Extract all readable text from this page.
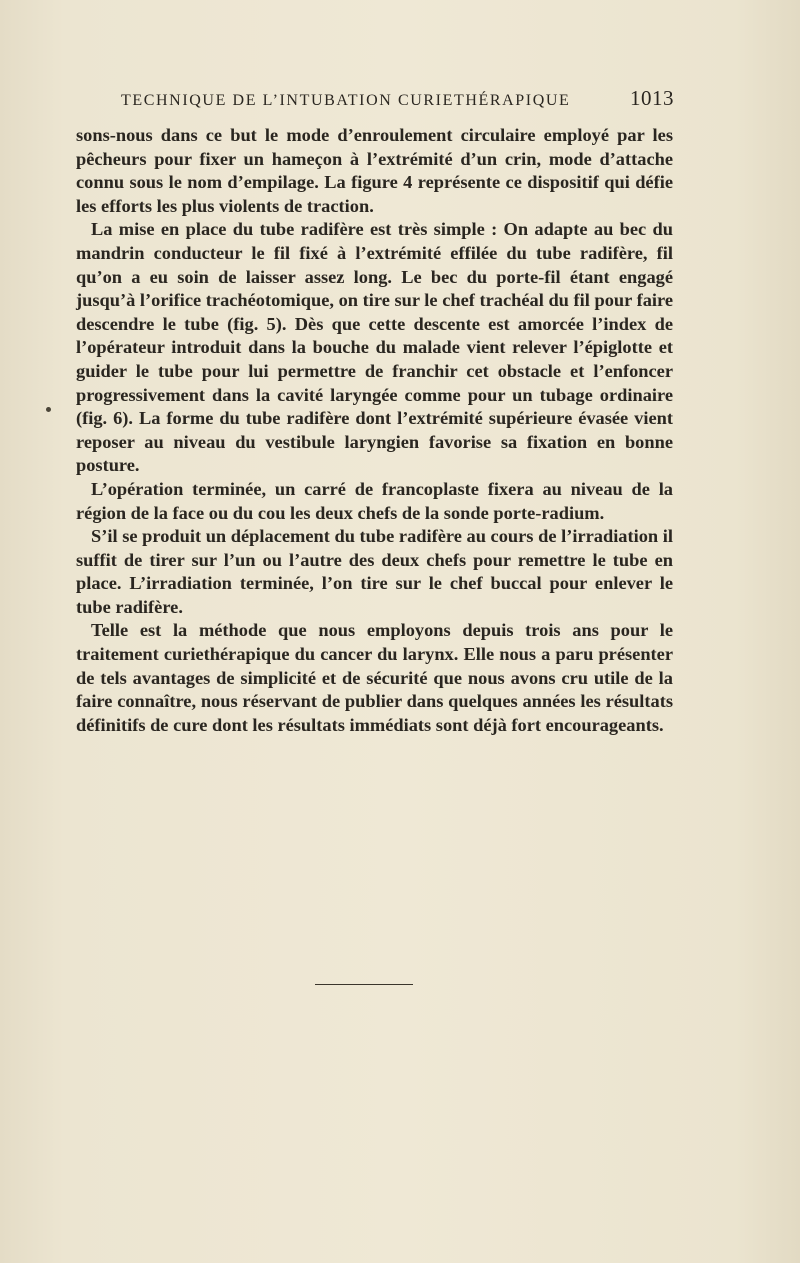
TECHNIQUE DE L’INTUBATION CURIETHÉRAPIQUE	1013

sons-nous dans ce but le mode d’enroulement circulaire employé par les pêcheurs pour fixer un hameçon à l’extrémité d’un crin, mode d’attache connu sous le nom d’empilage. La figure 4 représente ce dispositif qui défie les efforts les plus violents de traction.

La mise en place du tube radifère est très simple : On adapte au bec du mandrin conducteur le fil fixé à l’extrémité effilée du tube radifère, fil qu’on a eu soin de laisser assez long. Le bec du porte-fil étant engagé jusqu’à l’orifice trachéotomique, on tire sur le chef trachéal du fil pour faire descendre le tube (fig. 5). Dès que cette descente est amorcée l’index de l’opérateur introduit dans la bouche du malade vient relever l’épiglotte et guider le tube pour lui permettre de franchir cet obstacle et l’enfoncer progressivement dans la cavité laryngée comme pour un tubage ordinaire (fig. 6). La forme du tube radifère dont l’extrémité supérieure évasée vient reposer au niveau du vestibule laryngien favorise sa fixation en bonne posture.

L’opération terminée, un carré de francoplaste fixera au niveau de la région de la face ou du cou les deux chefs de la sonde porte-radium.

S’il se produit un déplacement du tube radifère au cours de l’irradiation il suffit de tirer sur l’un ou l’autre des deux chefs pour remettre le tube en place. L’irradiation terminée, l’on tire sur le chef buccal pour enlever le tube radifère.

Telle est la méthode que nous employons depuis trois ans pour le traitement curiethérapique du cancer du larynx. Elle nous a paru présenter de tels avantages de simplicité et de sécurité que nous avons cru utile de la faire connaître, nous réservant de publier dans quelques années les résultats définitifs de cure dont les résultats immédiats sont déjà fort encourageants.
